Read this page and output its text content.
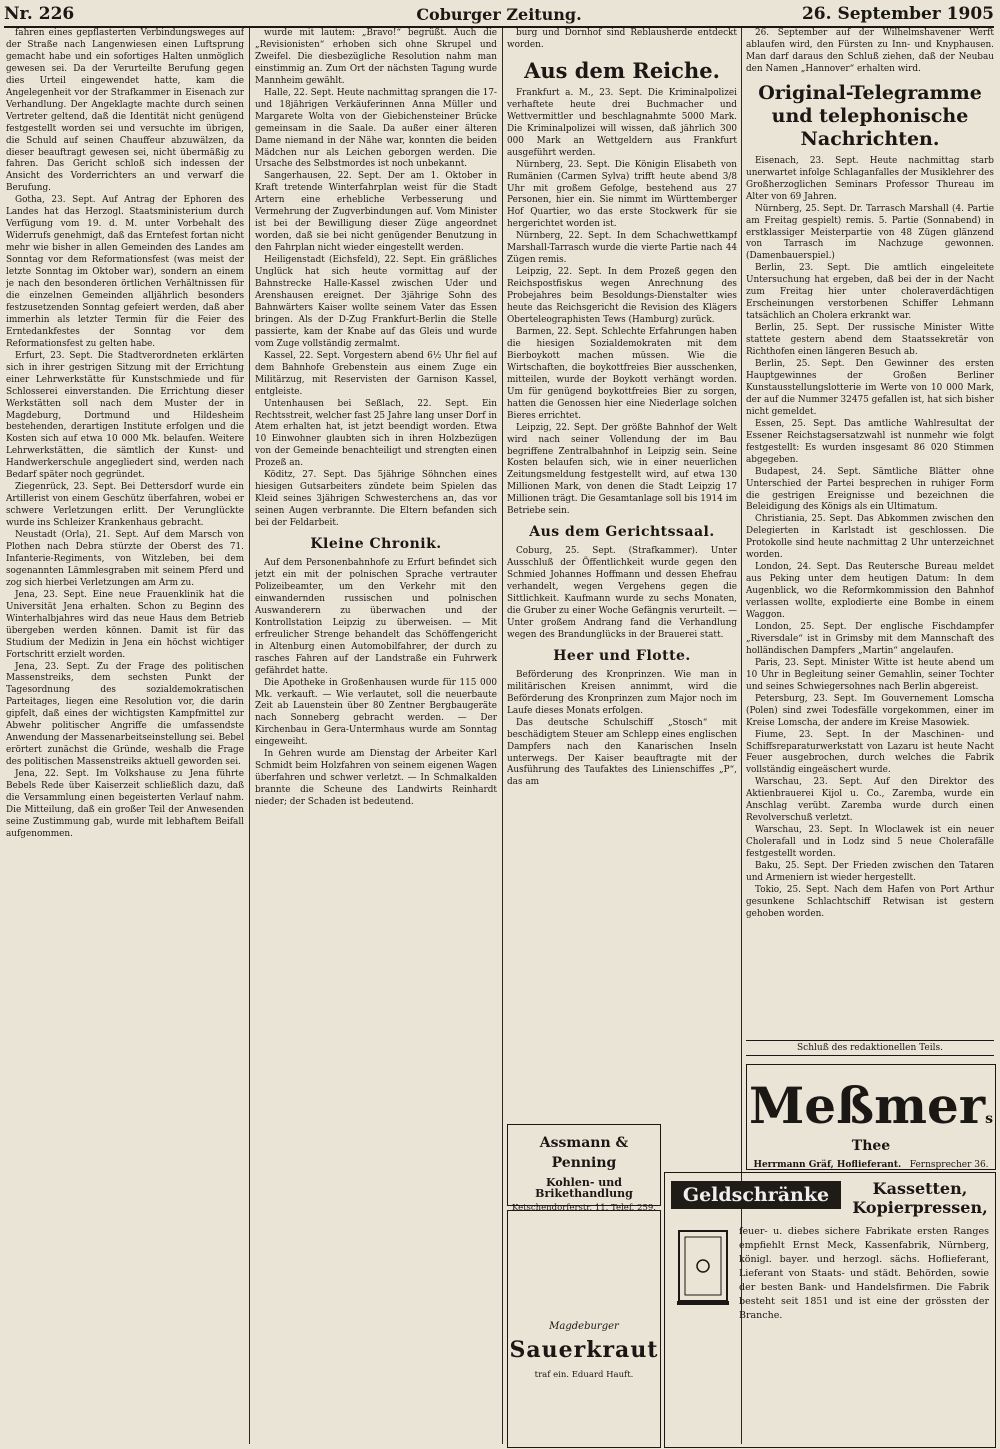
Nr. 226	Coburger Zeitung.	26. September 1905

fahren eines gepflasterten Verbindungsweges auf der Straße nach Langenwiesen einen Luftsprung gemacht habe und ein sofortiges Halten unmöglich gewesen sei. Da der Verurteilte Berufung gegen dies Urteil eingewendet hatte, kam die Angelegenheit vor der Strafkammer in Eisenach zur Verhandlung. Der Angeklagte machte durch seinen Vertreter geltend, daß die Identität nicht genügend festgestellt worden sei und versuchte im übrigen, die Schuld auf seinen Chauffeur abzuwälzen, da dieser beauftragt gewesen sei, nicht übermäßig zu fahren. Das Gericht schloß sich indessen der Ansicht des Vorderrichters an und verwarf die Berufung.

Gotha, 23. Sept. Auf Antrag der Ephoren des Landes hat das Herzogl. Staatsministerium durch Verfügung vom 19. d. M. unter Vorbehalt des Widerrufs genehmigt, daß das Erntefest fortan nicht mehr wie bisher in allen Gemeinden des Landes am Sonntag vor dem Reformationsfest (was meist der letzte Sonntag im Oktober war), sondern an einem je nach den besonderen örtlichen Verhältnissen für die einzelnen Gemeinden alljährlich besonders festzusetzenden Sonntag gefeiert werden, daß aber immerhin als letzter Termin für die Feier des Erntedankfestes der Sonntag vor dem Reformationsfest zu gelten habe.

Erfurt, 23. Sept. Die Stadtverordneten erklärten sich in ihrer gestrigen Sitzung mit der Errichtung einer Lehrwerkstätte für Kunstschmiede und für Schlosserei einverstanden. Die Errichtung dieser Werkstätten soll nach dem Muster der in Magdeburg, Dortmund und Hildesheim bestehenden, derartigen Institute erfolgen und die Kosten sich auf etwa 10 000 Mk. belaufen. Weitere Lehrwerkstätten, die sämtlich der Kunst- und Handwerkerschule angegliedert sind, werden nach Bedarf später noch gegründet.

Ziegenrück, 23. Sept. Bei Dettersdorf wurde ein Artillerist von einem Geschütz überfahren, wobei er schwere Verletzungen erlitt. Der Verunglückte wurde ins Schleizer Krankenhaus gebracht.

Neustadt (Orla), 21. Sept. Auf dem Marsch von Plothen nach Debra stürzte der Oberst des 71. Infanterie-Regiments, von Witzleben, bei dem sogenannten Lämmlesgraben mit seinem Pferd und zog sich hierbei Verletzungen am Arm zu.

Jena, 23. Sept. Eine neue Frauenklinik hat die Universität Jena erhalten. Schon zu Beginn des Winterhalbjahres wird das neue Haus dem Betrieb übergeben werden können. Damit ist für das Studium der Medizin in Jena ein höchst wichtiger Fortschritt erzielt worden.

Jena, 23. Sept. Zu der Frage des politischen Massenstreiks, dem sechsten Punkt der Tagesordnung des sozialdemokratischen Parteitages, liegen eine Resolution vor, die darin gipfelt, daß eines der wichtigsten Kampfmittel zur Abwehr politischer Angriffe die umfassendste Anwendung der Massenarbeitseinstellung sei. Bebel erörtert zunächst die Gründe, weshalb die Frage des politischen Massenstreiks aktuell geworden sei.

Jena, 22. Sept. Im Volkshause zu Jena führte Bebels Rede über Kaiserzeit schließlich dazu, daß die Versammlung einen begeisterten Verlauf nahm. Die Mitteilung, daß ein großer Teil der Anwesenden seine Zustimmung gab, wurde mit lebhaftem Beifall aufgenommen.

wurde mit lautem: „Bravo!“ begrüßt. Auch die „Revisionisten“ erhoben sich ohne Skrupel und Zweifel. Die diesbezügliche Resolution nahm man einstimmig an. Zum Ort der nächsten Tagung wurde Mannheim gewählt.

Halle, 22. Sept. Heute nachmittag sprangen die 17- und 18jährigen Verkäuferinnen Anna Müller und Margarete Wolta von der Giebichensteiner Brücke gemeinsam in die Saale. Da außer einer älteren Dame niemand in der Nähe war, konnten die beiden Mädchen nur als Leichen geborgen werden. Die Ursache des Selbstmordes ist noch unbekannt.

Sangerhausen, 22. Sept. Der am 1. Oktober in Kraft tretende Winterfahrplan weist für die Stadt Artern eine erhebliche Verbesserung und Vermehrung der Zugverbindungen auf. Vom Minister ist bei der Bewilligung dieser Züge angeordnet worden, daß sie bei nicht genügender Benutzung in den Fahrplan nicht wieder eingestellt werden.

Heiligenstadt (Eichsfeld), 22. Sept. Ein gräßliches Unglück hat sich heute vormittag auf der Bahnstrecke Halle-Kassel zwischen Uder und Arenshausen ereignet. Der 3jährige Sohn des Bahnwärters Kaiser wollte seinem Vater das Essen bringen. Als der D-Zug Frankfurt-Berlin die Stelle passierte, kam der Knabe auf das Gleis und wurde vom Zuge vollständig zermalmt.

Kassel, 22. Sept. Vorgestern abend 6½ Uhr fiel auf dem Bahnhofe Grebenstein aus einem Zuge ein Militärzug, mit Reservisten der Garnison Kassel, entgleiste.

Untenhausen bei Seßlach, 22. Sept. Ein Rechtsstreit, welcher fast 25 Jahre lang unser Dorf in Atem erhalten hat, ist jetzt beendigt worden. Etwa 10 Einwohner glaubten sich in ihren Holzbezügen von der Gemeinde benachteiligt und strengten einen Prozeß an.

Köditz, 27. Sept. Das 5jährige Söhnchen eines hiesigen Gutsarbeiters zündete beim Spielen das Kleid seines 3jährigen Schwesterchens an, das vor seinen Augen verbrannte. Die Eltern befanden sich bei der Feldarbeit.

Kleine Chronik.

Auf dem Personenbahnhofe zu Erfurt befindet sich jetzt ein mit der polnischen Sprache vertrauter Polizeibeamter, um den Verkehr mit den einwandernden russischen und polnischen Auswanderern zu überwachen und der Kontrollstation Leipzig zu überweisen. — Mit erfreulicher Strenge behandelt das Schöffengericht in Altenburg einen Automobilfahrer, der durch zu rasches Fahren auf der Landstraße ein Fuhrwerk gefährdet hatte.

Die Apotheke in Großenhausen wurde für 115 000 Mk. verkauft. — Wie verlautet, soll die neuerbaute Zeit ab Lauenstein über 80 Zentner Bergbaugeräte nach Sonneberg gebracht werden. — Der Kirchenbau in Gera-Untermhaus wurde am Sonntag eingeweiht.

In Gehren wurde am Dienstag der Arbeiter Karl Schmidt beim Holzfahren von seinem eigenen Wagen überfahren und schwer verletzt. — In Schmalkalden brannte die Scheune des Landwirts Reinhardt nieder; der Schaden ist bedeutend.

burg und Dornhof sind Reblausherde entdeckt worden.

Aus dem Reiche.

Frankfurt a. M., 23. Sept. Die Kriminalpolizei verhaftete heute drei Buchmacher und Wettvermittler und beschlagnahmte 5000 Mark. Die Kriminalpolizei will wissen, daß jährlich 300 000 Mark an Wettgeldern aus Frankfurt ausgeführt werden.

Nürnberg, 23. Sept. Die Königin Elisabeth von Rumänien (Carmen Sylva) trifft heute abend 3/8 Uhr mit großem Gefolge, bestehend aus 27 Personen, hier ein. Sie nimmt im Württemberger Hof Quartier, wo das erste Stockwerk für sie hergerichtet worden ist.

Nürnberg, 22. Sept. In dem Schachwettkampf Marshall-Tarrasch wurde die vierte Partie nach 44 Zügen remis.

Leipzig, 22. Sept. In dem Prozeß gegen den Reichspostfiskus wegen Anrechnung des Probejahres beim Besoldungs-Dienstalter wies heute das Reichsgericht die Revision des Klägers Oberteleographisten Tews (Hamburg) zurück.

Barmen, 22. Sept. Schlechte Erfahrungen haben die hiesigen Sozialdemokraten mit dem Bierboykott machen müssen. Wie die Wirtschaften, die boykottfreies Bier ausschenken, mitteilen, wurde der Boykott verhängt worden. Um für genügend boykottfreies Bier zu sorgen, hatten die Genossen hier eine Niederlage solchen Bieres errichtet.

Leipzig, 22. Sept. Der größte Bahnhof der Welt wird nach seiner Vollendung der im Bau begriffene Zentralbahnhof in Leipzig sein. Seine Kosten belaufen sich, wie in einer neuerlichen Zeitungsmeldung festgestellt wird, auf etwa 130 Millionen Mark, von denen die Stadt Leipzig 17 Millionen trägt. Die Gesamtanlage soll bis 1914 im Betriebe sein.

Aus dem Gerichtssaal.

Coburg, 25. Sept. (Strafkammer). Unter Ausschluß der Öffentlichkeit wurde gegen den Schmied Johannes Hoffmann und dessen Ehefrau verhandelt, wegen Vergehens gegen die Sittlichkeit. Kaufmann wurde zu sechs Monaten, die Gruber zu einer Woche Gefängnis verurteilt. — Unter großem Andrang fand die Verhandlung wegen des Brandunglücks in der Brauerei statt.

Heer und Flotte.

Beförderung des Kronprinzen. Wie man in militärischen Kreisen annimmt, wird die Beförderung des Kronprinzen zum Major noch im Laufe dieses Monats erfolgen.

Das deutsche Schulschiff „Stosch“ mit beschädigtem Steuer am Schlepp eines englischen Dampfers nach den Kanarischen Inseln unterwegs. Der Kaiser beauftragte mit der Ausführung des Taufaktes des Linienschiffes „P“, das am

26. September auf der Wilhelmshavener Werft ablaufen wird, den Fürsten zu Inn- und Knyphausen. Man darf daraus den Schluß ziehen, daß der Neubau den Namen „Hannover“ erhalten wird.

Original-Telegramme und telephonische Nachrichten.

Eisenach, 23. Sept. Heute nachmittag starb unerwartet infolge Schlaganfalles der Musiklehrer des Großherzoglichen Seminars Professor Thureau im Alter von 69 Jahren.

Nürnberg, 25. Sept. Dr. Tarrasch Marshall (4. Partie am Freitag gespielt) remis. 5. Partie (Sonnabend) in erstklassiger Meisterpartie von 48 Zügen glänzend von Tarrasch im Nachzuge gewonnen. (Damenbauerspiel.)

Berlin, 23. Sept. Die amtlich eingeleitete Untersuchung hat ergeben, daß bei der in der Nacht zum Freitag hier unter choleraverdächtigen Erscheinungen verstorbenen Schiffer Lehmann tatsächlich an Cholera erkrankt war.

Berlin, 25. Sept. Der russische Minister Witte stattete gestern abend dem Staatssekretär von Richthofen einen längeren Besuch ab.

Berlin, 25. Sept. Den Gewinner des ersten Hauptgewinnes der Großen Berliner Kunstausstellungslotterie im Werte von 10 000 Mark, der auf die Nummer 32475 gefallen ist, hat sich bisher nicht gemeldet.

Essen, 25. Sept. Das amtliche Wahlresultat der Essener Reichstagsersatzwahl ist nunmehr wie folgt festgestellt: Es wurden insgesamt 86 020 Stimmen abgegeben.

Budapest, 24. Sept. Sämtliche Blätter ohne Unterschied der Partei besprechen in ruhiger Form die gestrigen Ereignisse und bezeichnen die Beleidigung des Königs als ein Ultimatum.

Christiania, 25. Sept. Das Abkommen zwischen den Delegierten in Karlstadt ist geschlossen. Die Protokolle sind heute nachmittag 2 Uhr unterzeichnet worden.

London, 24. Sept. Das Reutersche Bureau meldet aus Peking unter dem heutigen Datum: In dem Augenblick, wo die Reformkommission den Bahnhof verlassen wollte, explodierte eine Bombe in einem Waggon.

London, 25. Sept. Der englische Fischdampfer „Riversdale“ ist in Grimsby mit dem Mannschaft des holländischen Dampfers „Martin“ angelaufen.

Paris, 23. Sept. Minister Witte ist heute abend um 10 Uhr in Begleitung seiner Gemahlin, seiner Tochter und seines Schwiegersohnes nach Berlin abgereist.

Petersburg, 23. Sept. Im Gouvernement Lomscha (Polen) sind zwei Todesfälle vorgekommen, einer im Kreise Lomscha, der andere im Kreise Masowiek.

Fiume, 23. Sept. In der Maschinen- und Schiffsreparaturwerkstatt von Lazaru ist heute Nacht Feuer ausgebrochen, durch welches die Fabrik vollständig eingeäschert wurde.

Warschau, 23. Sept. Auf den Direktor des Aktienbrauerei Kijol u. Co., Zaremba, wurde ein Anschlag verübt. Zaremba wurde durch einen Revolverschuß verletzt.

Warschau, 23. Sept. In Wloclawek ist ein neuer Cholerafall und in Lodz sind 5 neue Cholerafälle festgestellt worden.

Baku, 25. Sept. Der Frieden zwischen den Tataren und Armeniern ist wieder hergestellt.

Tokio, 25. Sept. Nach dem Hafen von Port Arthur gesunkene Schlachtschiff Retwisan ist gestern gehoben worden.

Schluß des redaktionellen Teils.
Meßmers Thee
Herrmann Gräf, Hoflieferant. Fernsprecher 36.
Assmann & Penning
Kohlen- und Brikethandlung
Ketschendorferstr. 11. Telef. 259.
Magdeburger
Sauerkraut
traf ein. Eduard Hauft.
Geldschränke	Kassetten,
Kopierpressen,
feuer- u. diebes sichere Fabrikate ersten Ranges empfiehlt Ernst Meck, Kassenfabrik, Nürnberg, königl. bayer. und herzogl. sächs. Hoflieferant, Lieferant von Staats- und städt. Behörden, sowie der besten Bank- und Handelsfirmen. Die Fabrik besteht seit 1851 und ist eine der grössten der Branche.
